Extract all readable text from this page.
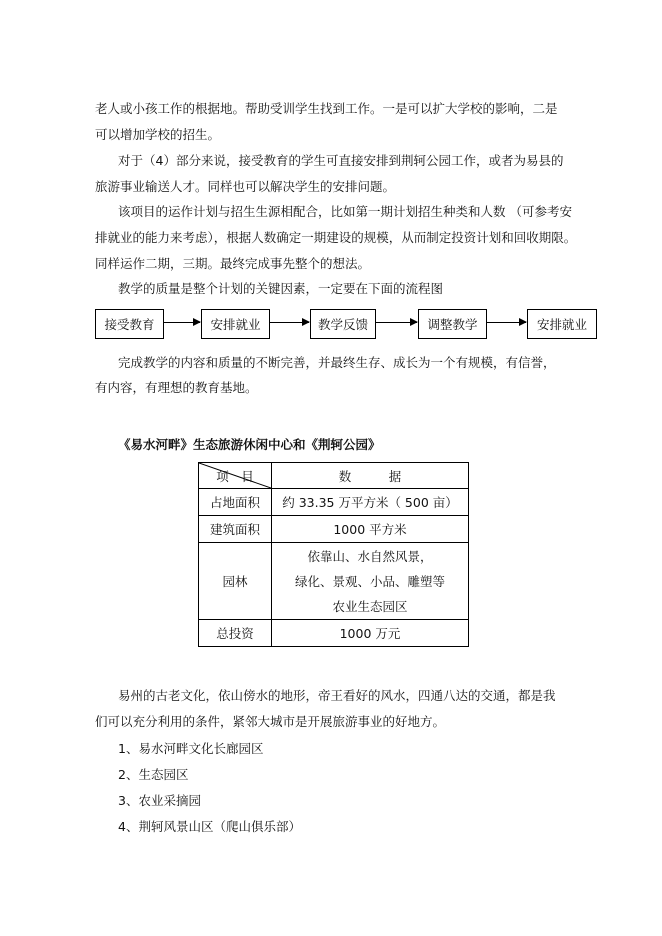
老人或小孩工作的根据地。帮助受训学生找到工作。一是可以扩大学校的影响，二是
可以增加学校的招生。
对于（4）部分来说，接受教育的学生可直接安排到荆轲公园工作，或者为易县的
旅游事业输送人才。同样也可以解决学生的安排问题。
该项目的运作计划与招生生源相配合，比如第一期计划招生种类和人数 （可参考安
排就业的能力来考虑），根据人数确定一期建设的规模，从而制定投资计划和回收期限。
同样运作二期，三期。最终完成事先整个的想法。
教学的质量是整个计划的关键因素，一定要在下面的流程图
接受教育	安排就业	教学反馈	调整教学	安排就业
完成教学的内容和质量的不断完善，并最终生存、成长为一个有规模，有信誉，
有内容，有理想的教育基地。
《易水河畔》生态旅游休闲中心和《荆轲公园》
项　目	数　　　据
占地面积	约 33.35 万平方米（ 500 亩）
建筑面积	1000 平方米
园林	依靠山、水自然风景，
绿化、景观、小品、雕塑等
农业生态园区

总投资	1000 万元
易州的古老文化，依山傍水的地形，帝王看好的风水，四通八达的交通，都是我
们可以充分利用的条件，紧邻大城市是开展旅游事业的好地方。
1、易水河畔文化长廊园区
2、生态园区
3、农业采摘园
4、荆轲风景山区（爬山俱乐部）
